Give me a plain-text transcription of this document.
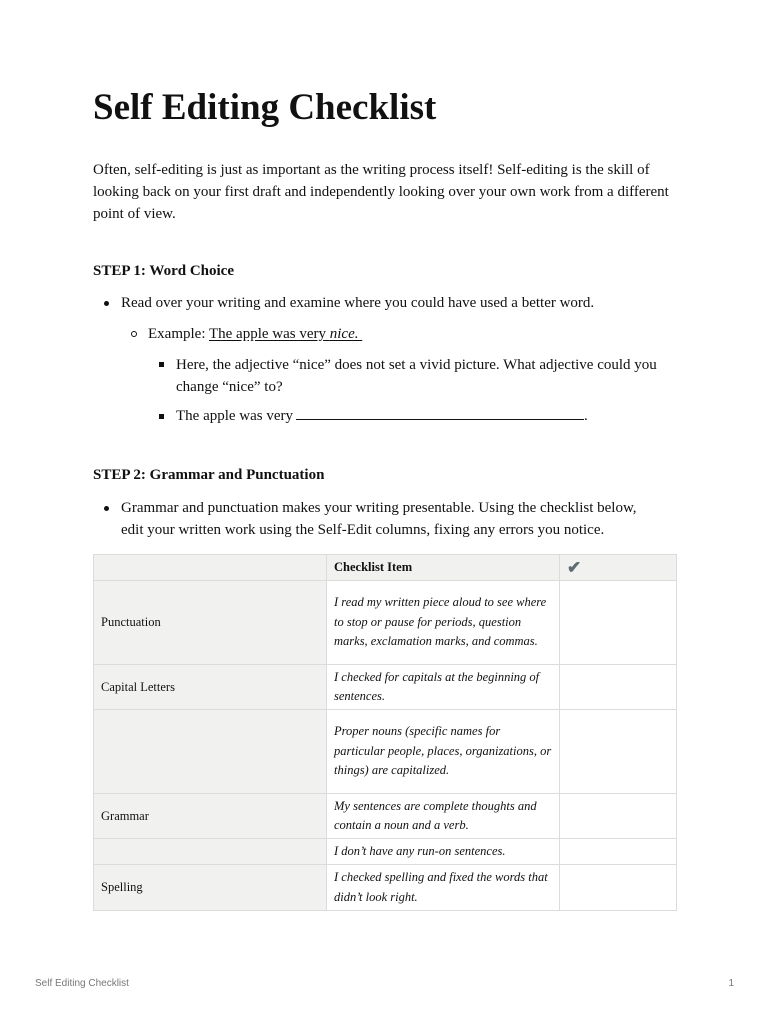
Self Editing Checklist

Often, self-editing is just as important as the writing process itself! Self-editing is the skill of looking back on your first draft and independently looking over your own work from a different point of view.

STEP 1: Word Choice

Read over your writing and examine where you could have used a better word.
Example: The apple was very nice.
Here, the adjective “nice” does not set a vivid picture. What adjective could you
change “nice” to?
The apple was very	.

STEP 2: Grammar and Punctuation

Grammar and punctuation makes your writing presentable. Using the checklist below,
edit your written work using the Self-Edit columns, fixing any errors you notice.
	Checklist Item	✔
Punctuation	I read my written piece aloud to see where to stop or pause for periods, question marks, exclamation marks, and commas.	
Capital Letters	I checked for capitals at the beginning of sentences.	
	Proper nouns (specific names for particular people, places, organizations, or things) are capitalized.	
Grammar	My sentences are complete thoughts and contain a noun and a verb.	
	I don’t have any run-on sentences.	
Spelling	I checked spelling and fixed the words that didn’t look right.	
Self Editing Checklist	1
